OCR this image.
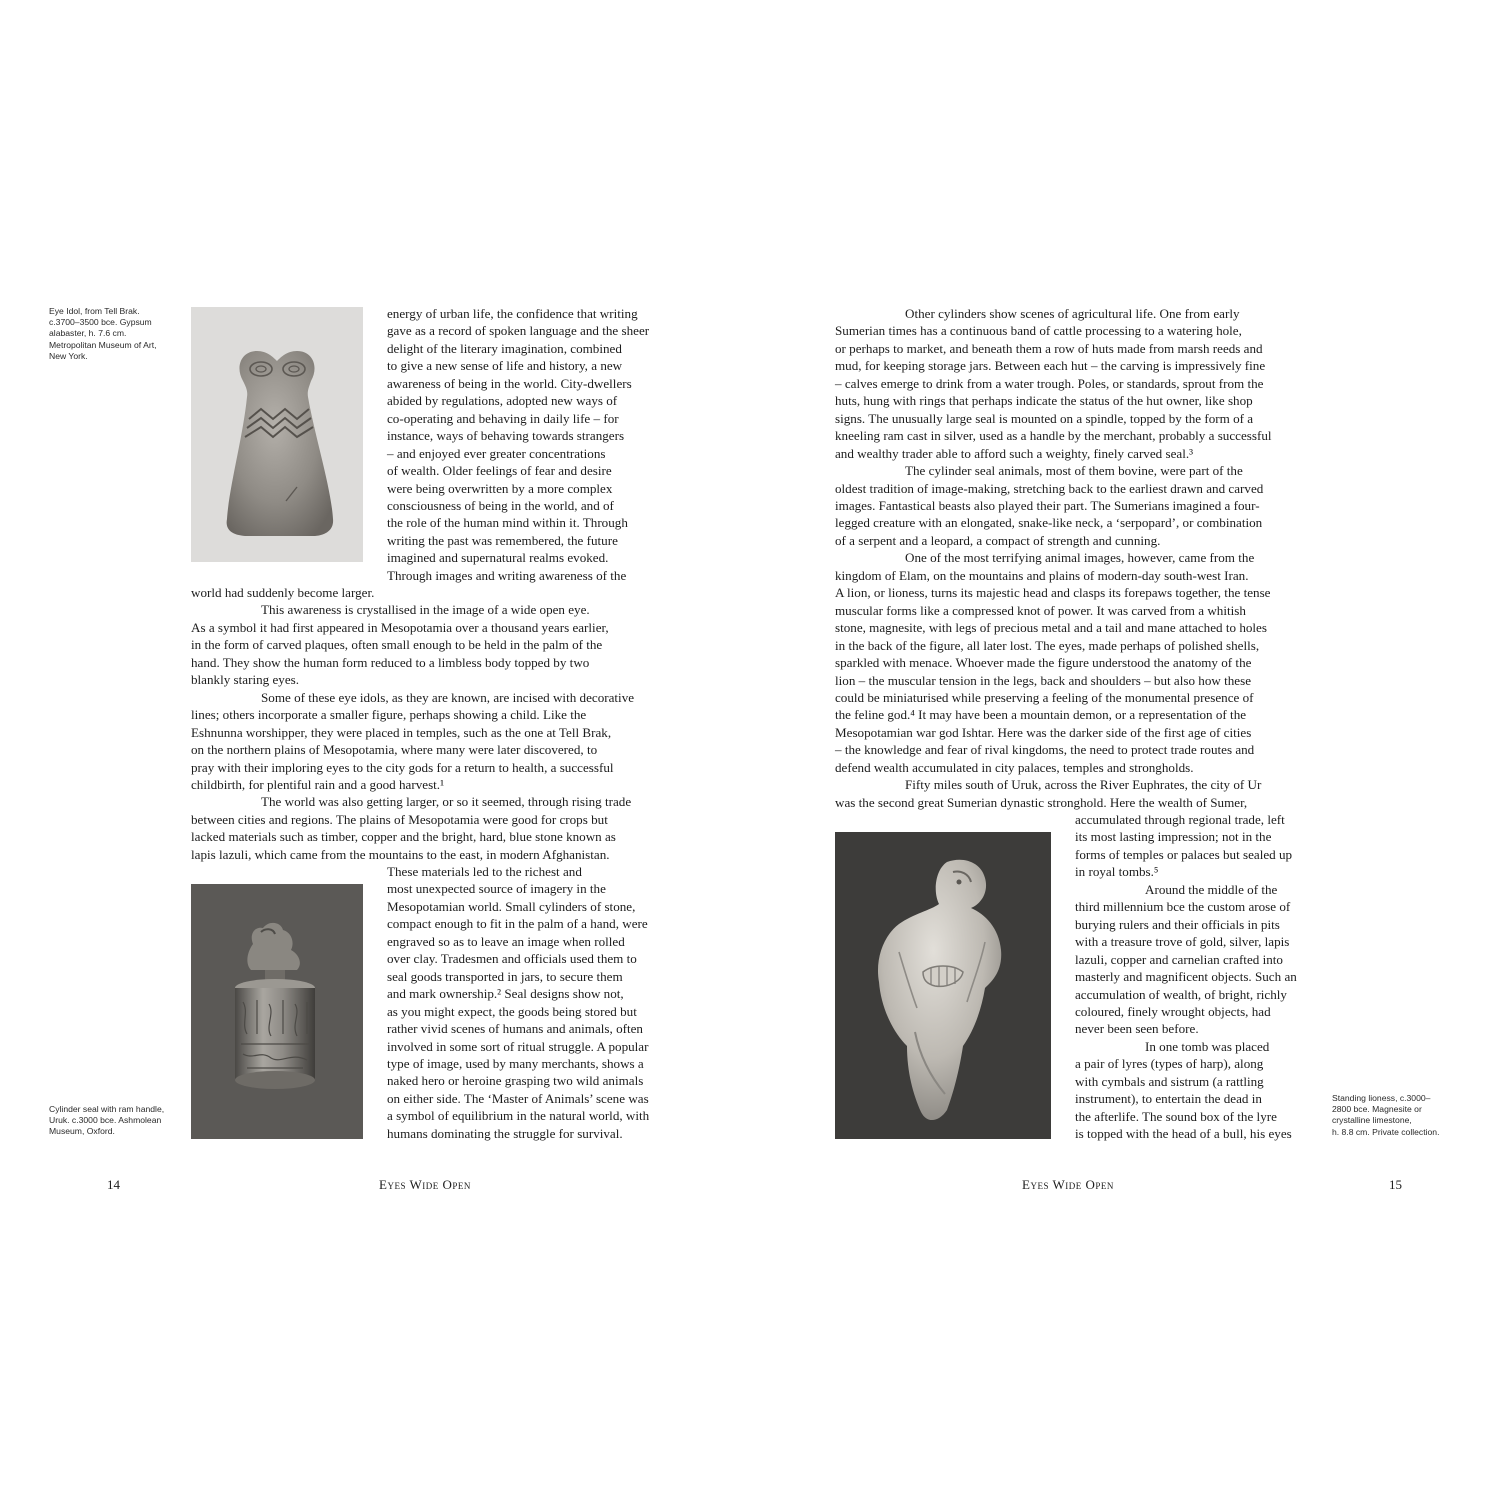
Eye Idol, from Tell Brak.
c.3700–3500 bce. Gypsum
alabaster, h. 7.6 cm.
Metropolitan Museum of Art,
New York.
energy of urban life, the confidence that writing
gave as a record of spoken language and the sheer
delight of the literary imagination, combined
to give a new sense of life and history, a new
awareness of being in the world. City-dwellers
abided by regulations, adopted new ways of
co-operating and behaving in daily life – for
instance, ways of behaving towards strangers
– and enjoyed ever greater concentrations
of wealth. Older feelings of fear and desire
were being overwritten by a more complex
consciousness of being in the world, and of
the role of the human mind within it. Through
writing the past was remembered, the future
imagined and supernatural realms evoked.
Through images and writing awareness of the
world had suddenly become larger.
This awareness is crystallised in the image of a wide open eye.
As a symbol it had first appeared in Mesopotamia over a thousand years earlier,
in the form of carved plaques, often small enough to be held in the palm of the
hand. They show the human form reduced to a limbless body topped by two
blankly staring eyes.
Some of these eye idols, as they are known, are incised with decorative
lines; others incorporate a smaller figure, perhaps showing a child. Like the
Eshnunna worshipper, they were placed in temples, such as the one at Tell Brak,
on the northern plains of Mesopotamia, where many were later discovered, to
pray with their imploring eyes to the city gods for a return to health, a successful
childbirth, for plentiful rain and a good harvest.¹
The world was also getting larger, or so it seemed, through rising trade
between cities and regions. The plains of Mesopotamia were good for crops but
lacked materials such as timber, copper and the bright, hard, blue stone known as
lapis lazuli, which came from the mountains to the east, in modern Afghanistan.
Cylinder seal with ram handle,
Uruk. c.3000 bce. Ashmolean
Museum, Oxford.
These materials led to the richest and
most unexpected source of imagery in the
Mesopotamian world. Small cylinders of stone,
compact enough to fit in the palm of a hand, were
engraved so as to leave an image when rolled
over clay. Tradesmen and officials used them to
seal goods transported in jars, to secure them
and mark ownership.² Seal designs show not,
as you might expect, the goods being stored but
rather vivid scenes of humans and animals, often
involved in some sort of ritual struggle. A popular
type of image, used by many merchants, shows a
naked hero or heroine grasping two wild animals
on either side. The ‘Master of Animals’ scene was
a symbol of equilibrium in the natural world, with
humans dominating the struggle for survival.
14	Eyes Wide Open
Other cylinders show scenes of agricultural life. One from early
Sumerian times has a continuous band of cattle processing to a watering hole,
or perhaps to market, and beneath them a row of huts made from marsh reeds and
mud, for keeping storage jars. Between each hut – the carving is impressively fine
– calves emerge to drink from a water trough. Poles, or standards, sprout from the
huts, hung with rings that perhaps indicate the status of the hut owner, like shop
signs. The unusually large seal is mounted on a spindle, topped by the form of a
kneeling ram cast in silver, used as a handle by the merchant, probably a successful
and wealthy trader able to afford such a weighty, finely carved seal.³
The cylinder seal animals, most of them bovine, were part of the
oldest tradition of image-making, stretching back to the earliest drawn and carved
images. Fantastical beasts also played their part. The Sumerians imagined a four-
legged creature with an elongated, snake-like neck, a ‘serpopard’, or combination
of a serpent and a leopard, a compact of strength and cunning.
One of the most terrifying animal images, however, came from the
kingdom of Elam, on the mountains and plains of modern-day south-west Iran.
A lion, or lioness, turns its majestic head and clasps its forepaws together, the tense
muscular forms like a compressed knot of power. It was carved from a whitish
stone, magnesite, with legs of precious metal and a tail and mane attached to holes
in the back of the figure, all later lost. The eyes, made perhaps of polished shells,
sparkled with menace. Whoever made the figure understood the anatomy of the
lion – the muscular tension in the legs, back and shoulders – but also how these
could be miniaturised while preserving a feeling of the monumental presence of
the feline god.⁴ It may have been a mountain demon, or a representation of the
Mesopotamian war god Ishtar. Here was the darker side of the first age of cities
– the knowledge and fear of rival kingdoms, the need to protect trade routes and
defend wealth accumulated in city palaces, temples and strongholds.
Fifty miles south of Uruk, across the River Euphrates, the city of Ur
was the second great Sumerian dynastic stronghold. Here the wealth of Sumer,
accumulated through regional trade, left
its most lasting impression; not in the
forms of temples or palaces but sealed up
in royal tombs.⁵
Around the middle of the
third millennium bce the custom arose of
burying rulers and their officials in pits
with a treasure trove of gold, silver, lapis
lazuli, copper and carnelian crafted into
masterly and magnificent objects. Such an
accumulation of wealth, of bright, richly
coloured, finely wrought objects, had
never been seen before.
In one tomb was placed
a pair of lyres (types of harp), along
with cymbals and sistrum (a rattling
instrument), to entertain the dead in
the afterlife. The sound box of the lyre
is topped with the head of a bull, his eyes
Standing lioness, c.3000–
2800 bce. Magnesite or
crystalline limestone,
h. 8.8 cm. Private collection.
Eyes Wide Open	15
